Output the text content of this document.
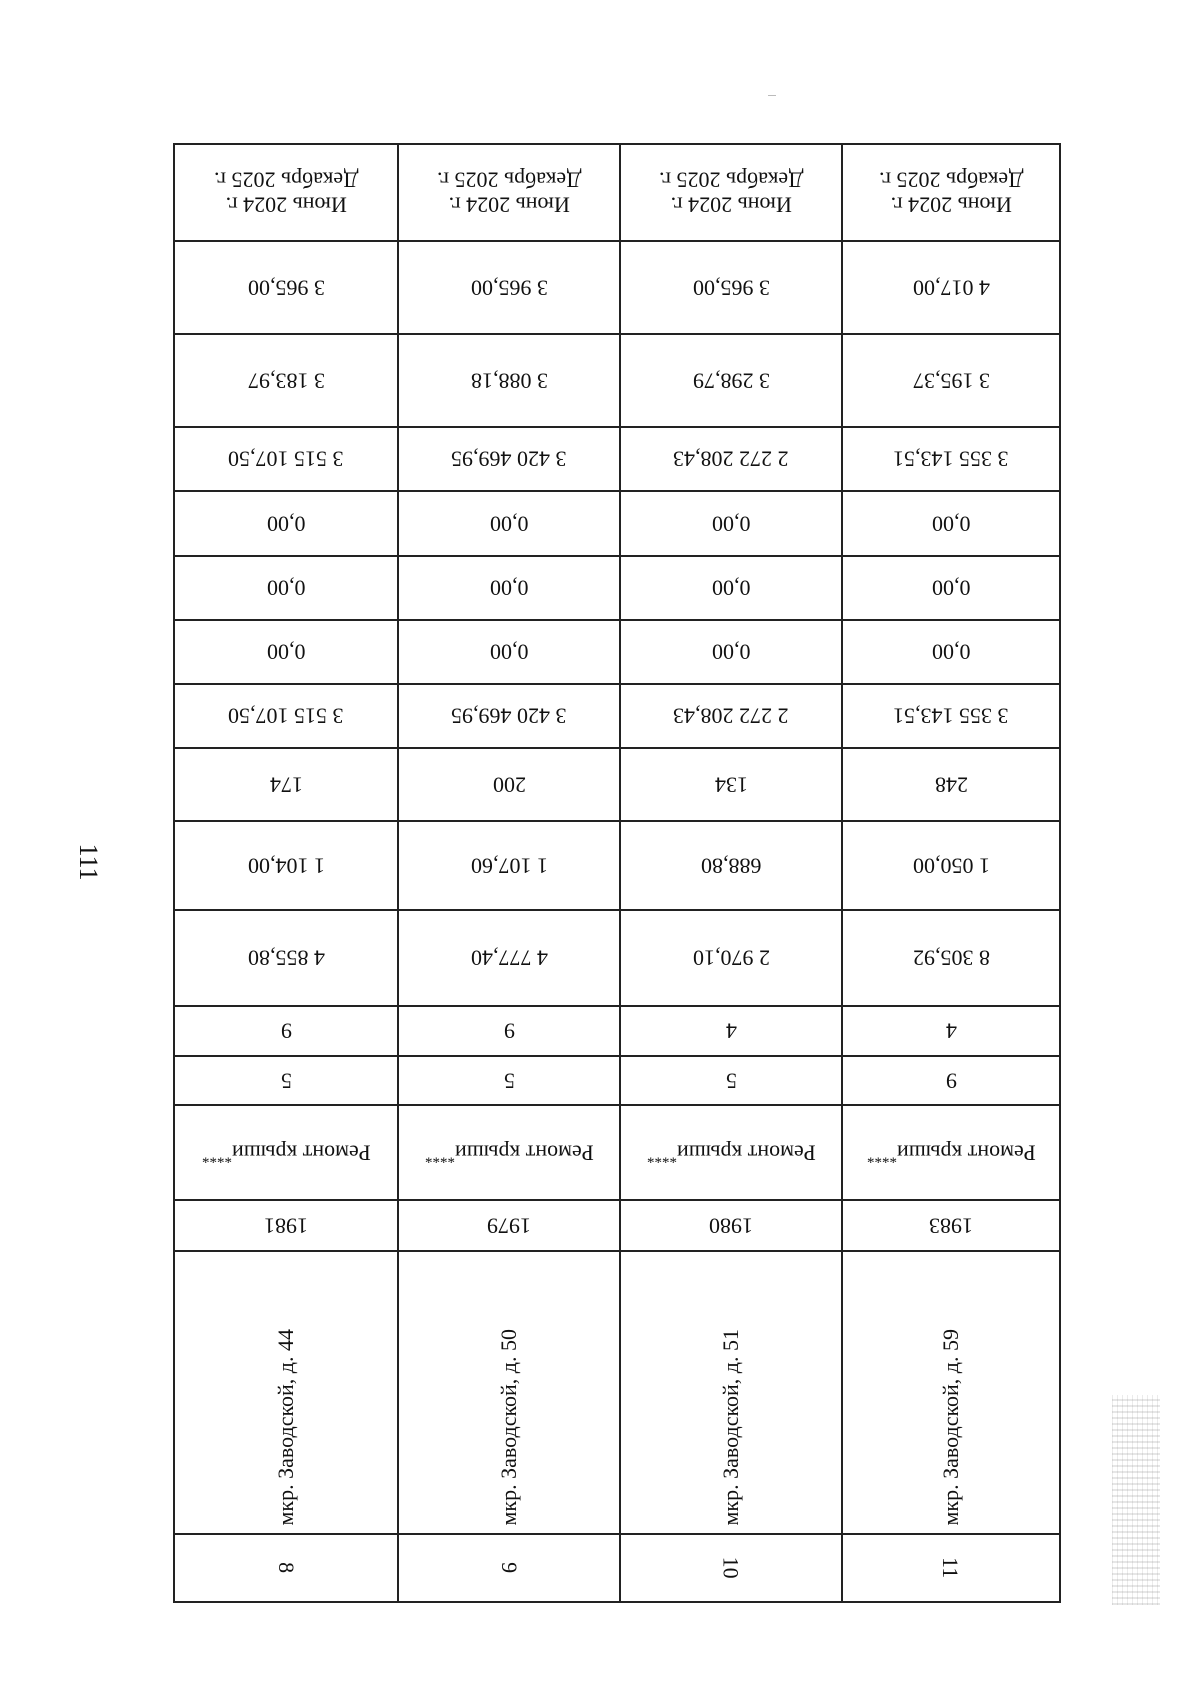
111
Июнь 2024 г.
Декабрь 2025 г.
3 965,00
3 183,97
3 515 107,50
0,00
0,00
0,00
3 515 107,50
174
1 104,00
4 855,80
9
5
Ремонт крыши****
1981
мкр. Заводской, д. 44
8
Июнь 2024 г.
Декабрь 2025 г.
3 965,00
3 088,18
3 420 469,95
0,00
0,00
0,00
3 420 469,95
200
1 107,60
4 777,40
9
5
Ремонт крыши****
1979
мкр. Заводской, д. 50
9
Июнь 2024 г.
Декабрь 2025 г.
3 965,00
3 298,79
2 272 208,43
0,00
0,00
0,00
2 272 208,43
134
688,80
2 970,10
4
5
Ремонт крыши****
1980
мкр. Заводской, д. 51
10
Июнь 2024 г.
Декабрь 2025 г.
4 017,00
3 195,37
3 355 143,51
0,00
0,00
0,00
3 355 143,51
248
1 050,00
8 305,92
4
9
Ремонт крыши****
1983
мкр. Заводской, д. 59
11
